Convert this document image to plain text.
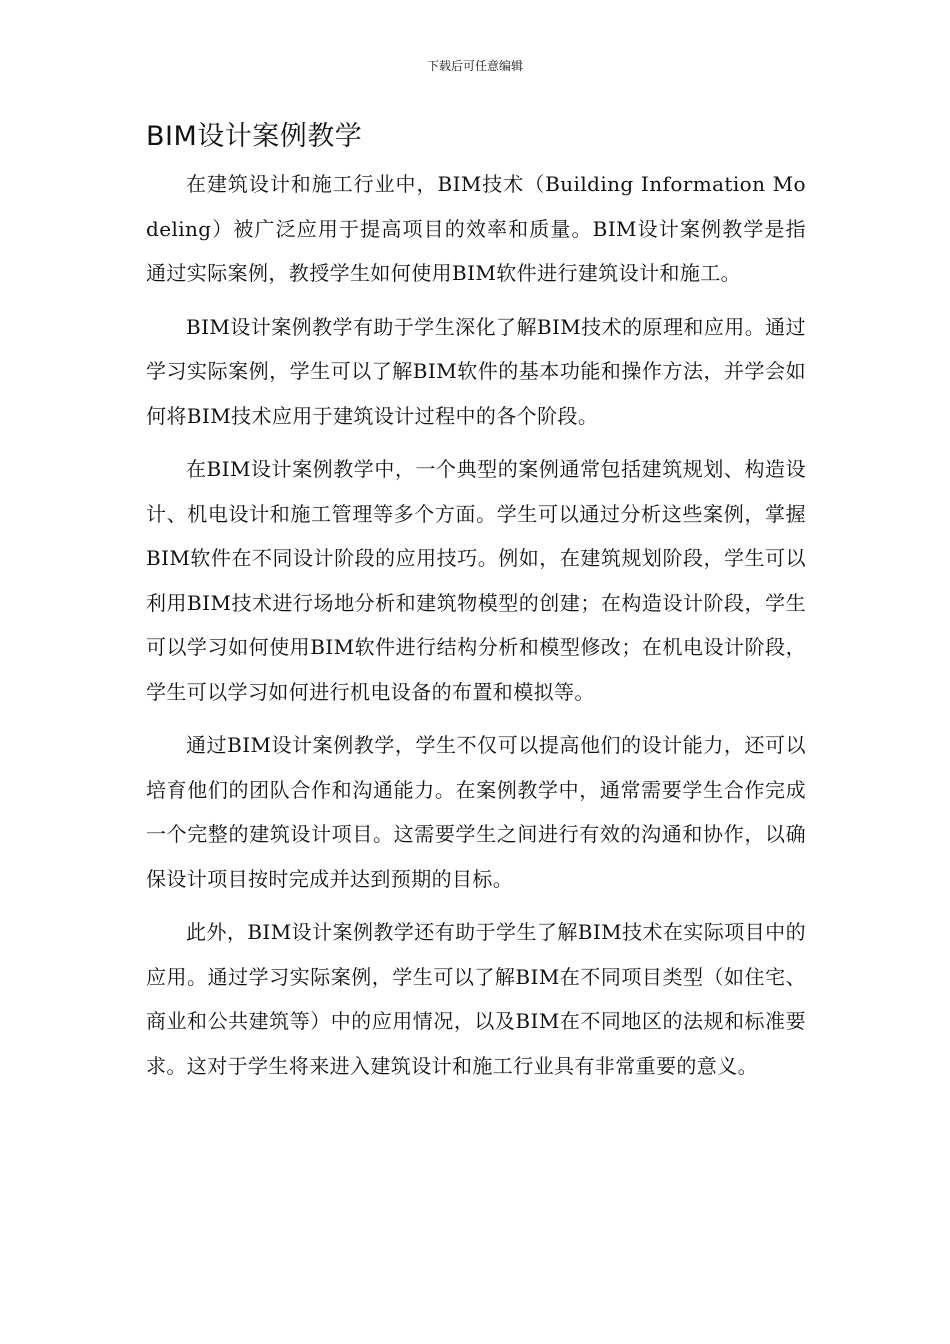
下载后可任意编辑
BIM设计案例教学

在建筑设计和施工行业中，BIM技术（Building Information Modeling）被广泛应用于提高项目的效率和质量。BIM设计案例教学是指通过实际案例，教授学生如何使用BIM软件进行建筑设计和施工。

BIM设计案例教学有助于学生深化了解BIM技术的原理和应用。通过学习实际案例，学生可以了解BIM软件的基本功能和操作方法，并学会如何将BIM技术应用于建筑设计过程中的各个阶段。

在BIM设计案例教学中，一个典型的案例通常包括建筑规划、构造设计、机电设计和施工管理等多个方面。学生可以通过分析这些案例，掌握BIM软件在不同设计阶段的应用技巧。例如，在建筑规划阶段，学生可以利用BIM技术进行场地分析和建筑物模型的创建；在构造设计阶段，学生可以学习如何使用BIM软件进行结构分析和模型修改；在机电设计阶段，学生可以学习如何进行机电设备的布置和模拟等。

通过BIM设计案例教学，学生不仅可以提高他们的设计能力，还可以培育他们的团队合作和沟通能力。在案例教学中，通常需要学生合作完成一个完整的建筑设计项目。这需要学生之间进行有效的沟通和协作，以确保设计项目按时完成并达到预期的目标。

此外，BIM设计案例教学还有助于学生了解BIM技术在实际项目中的应用。通过学习实际案例，学生可以了解BIM在不同项目类型（如住宅、商业和公共建筑等）中的应用情况，以及BIM在不同地区的法规和标准要求。这对于学生将来进入建筑设计和施工行业具有非常重要的意义。
